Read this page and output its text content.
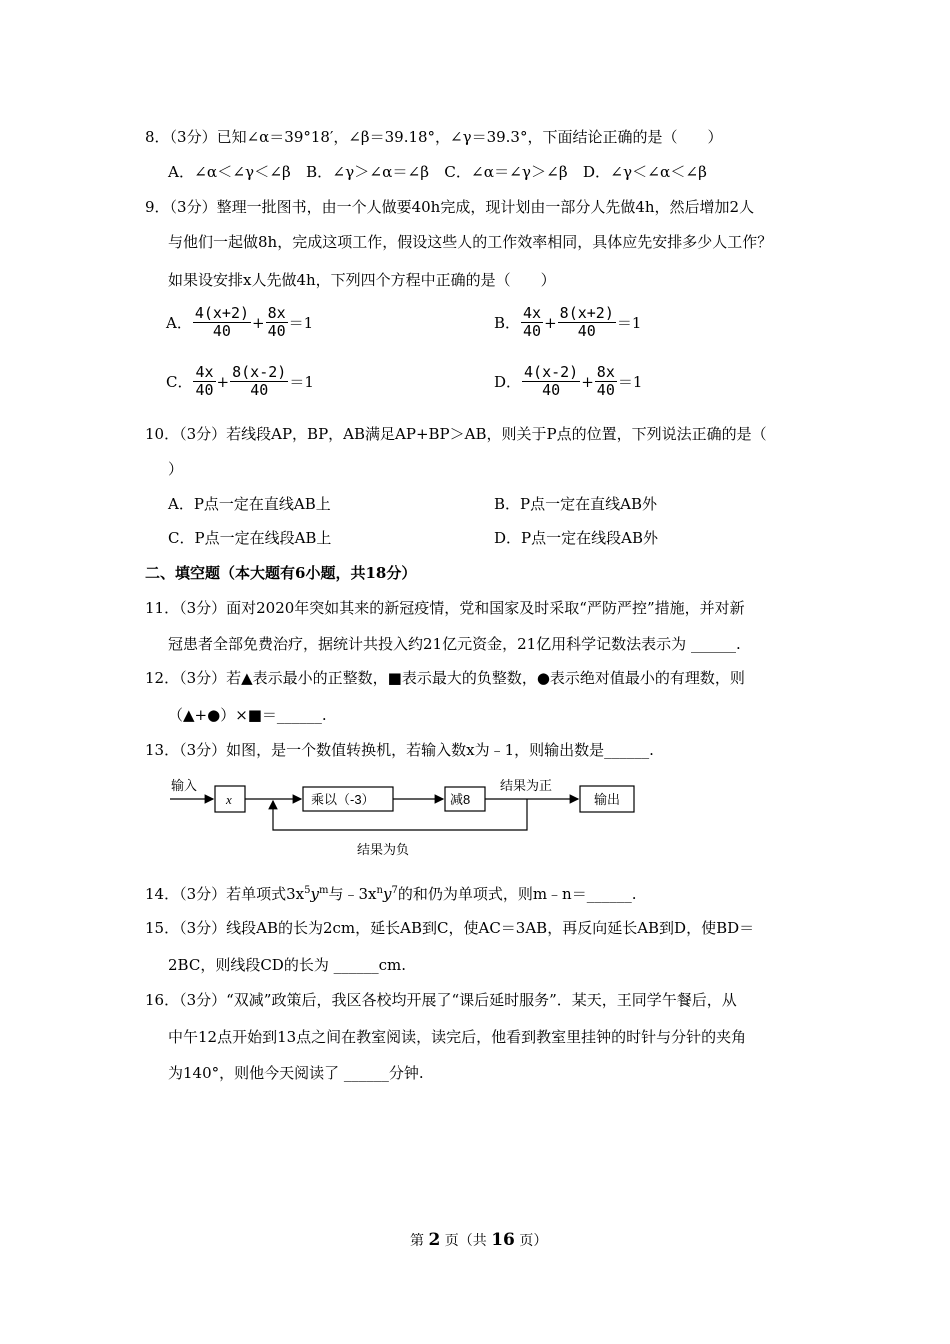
8．（3分）已知∠α＝39°18′，∠β＝39.18°，∠γ＝39.3°，下面结论正确的是（　　）
A．∠α＜∠γ＜∠β　B．∠γ＞∠α＝∠β　C．∠α＝∠γ＞∠β　D．∠γ＜∠α＜∠β
9．（3分）整理一批图书，由一个人做要40h完成，现计划由一部分人先做4h，然后增加2人
与他们一起做8h，完成这项工作，假设这些人的工作效率相同，具体应先安排多少人工作？
如果设安排x人先做4h，下列四个方程中正确的是（　　）
A． $\frac{4(x+2)}{40} + \frac{8x}{40} =1$	B． $\frac{4x}{40} + \frac{8(x+2)}{40} =1$
C． $\frac{4x}{40} + \frac{8(x-2)}{40} =1$	D． $\frac{4(x-2)}{40} + \frac{8x}{40} =1$
10．（3分）若线段AP，BP，AB满足AP+BP＞AB，则关于P点的位置，下列说法正确的是（
）
A．P点一定在直线AB上	B．P点一定在直线AB外
C．P点一定在线段AB上	D．P点一定在线段AB外
二、填空题（本大题有6小题，共18分）
11．（3分）面对2020年突如其来的新冠疫情，党和国家及时采取“严防严控”措施，并对新
冠患者全部免费治疗，据统计共投入约21亿元资金，21亿用科学记数法表示为 ______.
12．（3分）若▲表示最小的正整数，■表示最大的负整数，●表示绝对值最小的有理数，则
（▲+●）×■＝______.
13．（3分）如图，是一个数值转换机，若输入数x为﹣1，则输出数是______.
输入
x	乘以（-3）	减8
结果为正
输出
结果为负
14．（3分）若单项式$3x^5y^m$与$﹣3x^ny^7$的和仍为单项式，则m﹣n＝______.
15．（3分）线段AB的长为2cm，延长AB到C，使AC＝3AB，再反向延长AB到D，使BD＝
2BC，则线段CD的长为 ______cm.
16．（3分）“双减”政策后，我区各校均开展了“课后延时服务”．某天，王同学午餐后，从
中午12点开始到13点之间在教室阅读，读完后，他看到教室里挂钟的时针与分针的夹角
为140°，则他今天阅读了 ______分钟.
第 2 页（共 16 页）
